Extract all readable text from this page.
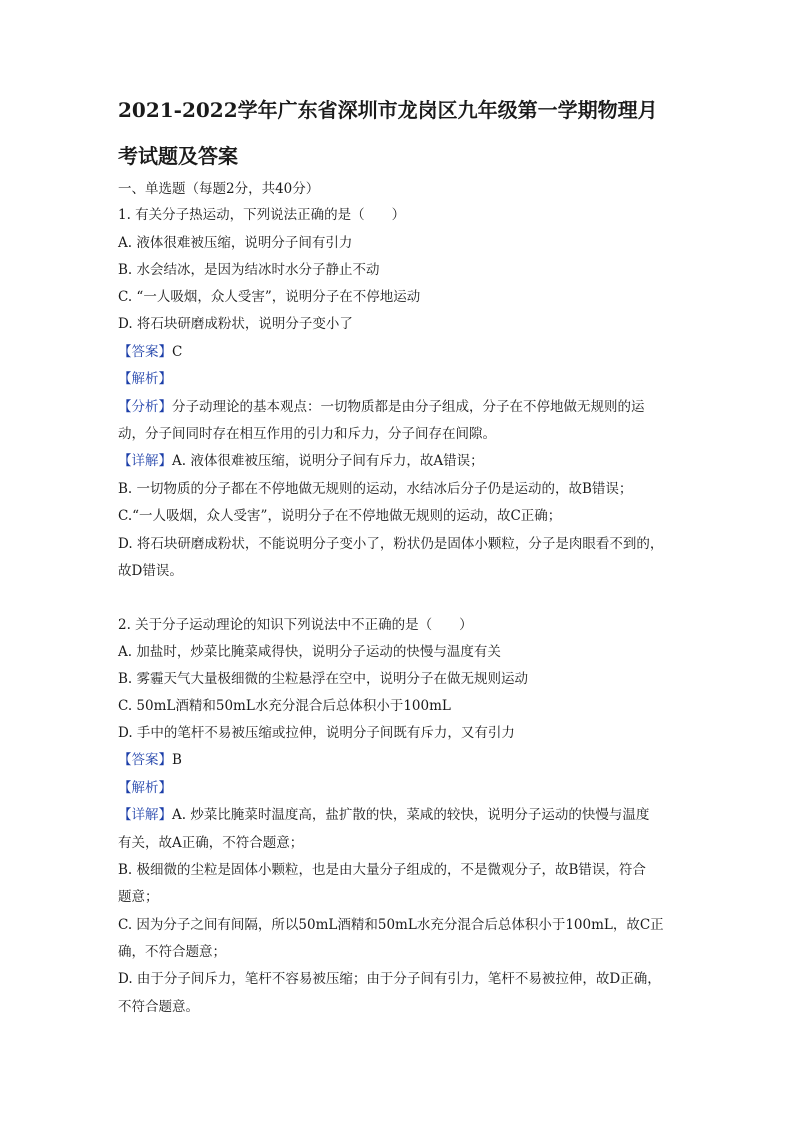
2021-2022学年广东省深圳市龙岗区九年级第一学期物理月
考试题及答案
一、单选题（每题2分，共40分）
1. 有关分子热运动，下列说法正确的是（　　）
A. 液体很难被压缩，说明分子间有引力
B. 水会结冰，是因为结冰时水分子静止不动
C. “一人吸烟，众人受害”，说明分子在不停地运动
D. 将石块研磨成粉状，说明分子变小了
【答案】C
【解析】
【分析】分子动理论的基本观点：一切物质都是由分子组成，分子在不停地做无规则的运
动，分子间同时存在相互作用的引力和斥力，分子间存在间隙。
【详解】A. 液体很难被压缩，说明分子间有斥力，故A错误；
B. 一切物质的分子都在不停地做无规则的运动，水结冰后分子仍是运动的，故B错误；
C.“一人吸烟，众人受害”，说明分子在不停地做无规则的运动，故C正确；
D. 将石块研磨成粉状，不能说明分子变小了，粉状仍是固体小颗粒，分子是肉眼看不到的，
故D错误。
2. 关于分子运动理论的知识下列说法中不正确的是（　　）
A. 加盐时，炒菜比腌菜咸得快，说明分子运动的快慢与温度有关
B. 雾霾天气大量极细微的尘粒悬浮在空中，说明分子在做无规则运动
C. 50mL酒精和50mL水充分混合后总体积小于100mL
D. 手中的笔杆不易被压缩或拉伸，说明分子间既有斥力，又有引力
【答案】B
【解析】
【详解】A. 炒菜比腌菜时温度高，盐扩散的快，菜咸的较快，说明分子运动的快慢与温度
有关，故A正确，不符合题意；
B. 极细微的尘粒是固体小颗粒，也是由大量分子组成的，不是微观分子，故B错误，符合
题意；
C. 因为分子之间有间隔，所以50mL酒精和50mL水充分混合后总体积小于100mL，故C正
确，不符合题意；
D. 由于分子间斥力，笔杆不容易被压缩；由于分子间有引力，笔杆不易被拉伸，故D正确，
不符合题意。
